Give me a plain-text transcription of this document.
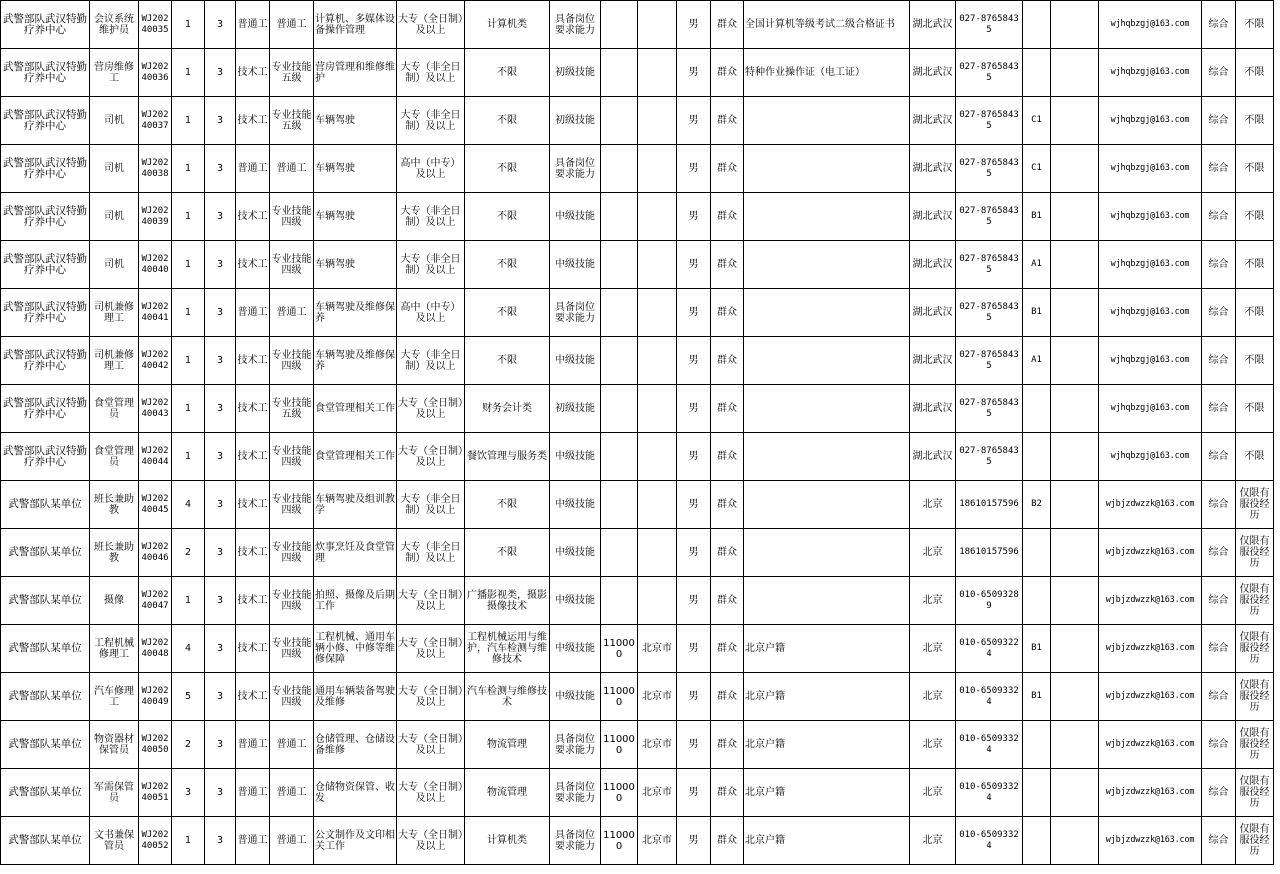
武警部队武汉特勤疗养中心	会议系统维护员	WJ20240035	1	3	普通工	普通工	计算机、多媒体设备操作管理	大专（全日制）及以上	计算机类	具备岗位要求能力			男	群众	全国计算机等级考试二级合格证书	湖北武汉	027-87658435			wjhqbzgj@163.com	综合	不限
武警部队武汉特勤疗养中心	营房维修工	WJ20240036	1	3	技术工	专业技能五级	营房管理和维修维护	大专（非全日制）及以上	不限	初级技能			男	群众	特种作业操作证（电工证）	湖北武汉	027-87658435			wjhqbzgj@163.com	综合	不限
武警部队武汉特勤疗养中心	司机	WJ20240037	1	3	技术工	专业技能五级	车辆驾驶	大专（非全日制）及以上	不限	初级技能			男	群众		湖北武汉	027-87658435	C1		wjhqbzgj@163.com	综合	不限
武警部队武汉特勤疗养中心	司机	WJ20240038	1	3	普通工	普通工	车辆驾驶	高中（中专）及以上	不限	具备岗位要求能力			男	群众		湖北武汉	027-87658435	C1		wjhqbzgj@163.com	综合	不限
武警部队武汉特勤疗养中心	司机	WJ20240039	1	3	技术工	专业技能四级	车辆驾驶	大专（非全日制）及以上	不限	中级技能			男	群众		湖北武汉	027-87658435	B1		wjhqbzgj@163.com	综合	不限
武警部队武汉特勤疗养中心	司机	WJ20240040	1	3	技术工	专业技能四级	车辆驾驶	大专（非全日制）及以上	不限	中级技能			男	群众		湖北武汉	027-87658435	A1		wjhqbzgj@163.com	综合	不限
武警部队武汉特勤疗养中心	司机兼修理工	WJ20240041	1	3	普通工	普通工	车辆驾驶及维修保养	高中（中专）及以上	不限	具备岗位要求能力			男	群众		湖北武汉	027-87658435	B1		wjhqbzgj@163.com	综合	不限
武警部队武汉特勤疗养中心	司机兼修理工	WJ20240042	1	3	技术工	专业技能四级	车辆驾驶及维修保养	大专（非全日制）及以上	不限	中级技能			男	群众		湖北武汉	027-87658435	A1		wjhqbzgj@163.com	综合	不限
武警部队武汉特勤疗养中心	食堂管理员	WJ20240043	1	3	技术工	专业技能五级	食堂管理相关工作	大专（全日制）及以上	财务会计类	初级技能			男	群众		湖北武汉	027-87658435			wjhqbzgj@163.com	综合	不限
武警部队武汉特勤疗养中心	食堂管理员	WJ20240044	1	3	技术工	专业技能四级	食堂管理相关工作	大专（全日制）及以上	餐饮管理与服务类	中级技能			男	群众		湖北武汉	027-87658435			wjhqbzgj@163.com	综合	不限
武警部队某单位	班长兼助教	WJ20240045	4	3	技术工	专业技能四级	车辆驾驶及组训教学	大专（非全日制）及以上	不限	中级技能			男	群众		北京	18610157596	B2		wjbjzdwzzk@163.com	综合	仅限有服役经历
武警部队某单位	班长兼助教	WJ20240046	2	3	技术工	专业技能四级	炊事烹饪及食堂管理	大专（非全日制）及以上	不限	中级技能			男	群众		北京	18610157596			wjbjzdwzzk@163.com	综合	仅限有服役经历
武警部队某单位	摄像	WJ20240047	1	3	技术工	专业技能四级	拍照、摄像及后期工作	大专（全日制）及以上	广播影视类，摄影摄像技术	中级技能			男	群众		北京	010-65093289			wjbjzdwzzk@163.com	综合	仅限有服役经历
武警部队某单位	工程机械修理工	WJ20240048	4	3	技术工	专业技能四级	工程机械、通用车辆小修、中修等维修保障	大专（全日制）及以上	工程机械运用与维护，汽车检测与维修技术	中级技能	110000	北京市	男	群众	北京户籍	北京	010-65093224	B1		wjbjzdwzzk@163.com	综合	仅限有服役经历
武警部队某单位	汽车修理工	WJ20240049	5	3	技术工	专业技能四级	通用车辆装备驾驶及维修	大专（全日制）及以上	汽车检测与维修技术	中级技能	110000	北京市	男	群众	北京户籍	北京	010-65093324	B1		wjbjzdwzzk@163.com	综合	仅限有服役经历
武警部队某单位	物资器材保管员	WJ20240050	2	3	普通工	普通工	仓储管理、仓储设备维修	大专（全日制）及以上	物流管理	具备岗位要求能力	110000	北京市	男	群众	北京户籍	北京	010-65093324			wjbjzdwzzk@163.com	综合	仅限有服役经历
武警部队某单位	军需保管员	WJ20240051	3	3	普通工	普通工	仓储物资保管、收发	大专（全日制）及以上	物流管理	具备岗位要求能力	110000	北京市	男	群众	北京户籍	北京	010-65093324			wjbjzdwzzk@163.com	综合	仅限有服役经历
武警部队某单位	文书兼保管员	WJ20240052	1	3	普通工	普通工	公文制作及文印相关工作	大专（全日制）及以上	计算机类	具备岗位要求能力	110000	北京市	男	群众	北京户籍	北京	010-65093324			wjbjzdwzzk@163.com	综合	仅限有服役经历
